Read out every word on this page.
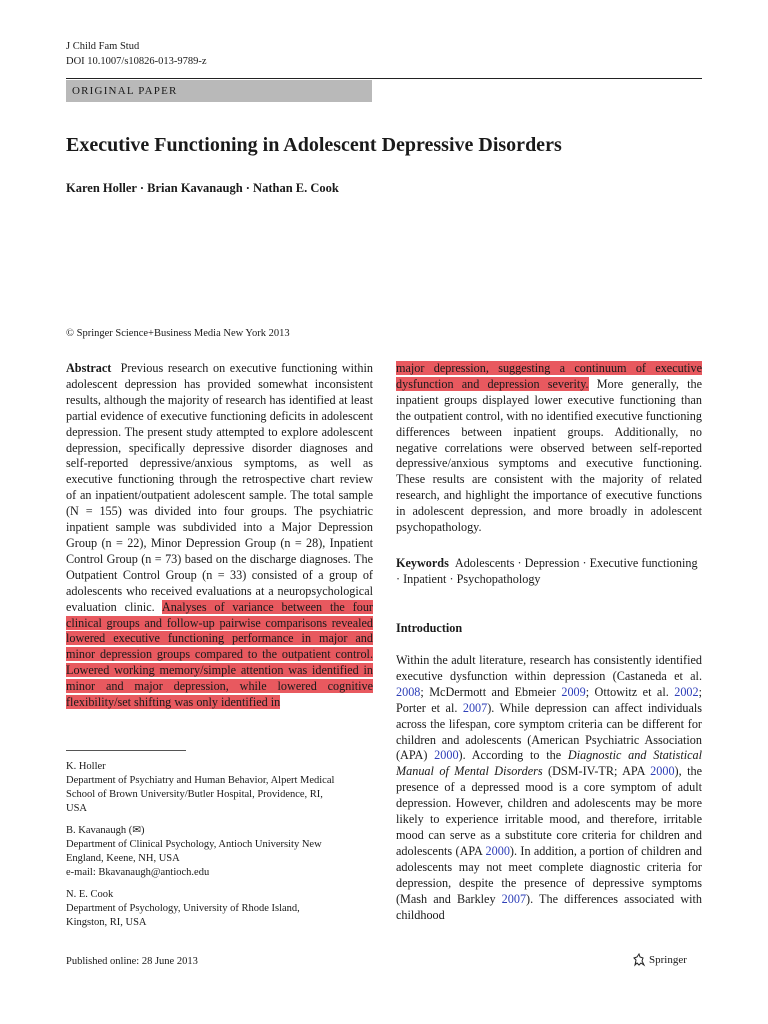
J Child Fam Stud
DOI 10.1007/s10826-013-9789-z
ORIGINAL PAPER
Executive Functioning in Adolescent Depressive Disorders
Karen Holler · Brian Kavanaugh · Nathan E. Cook
© Springer Science+Business Media New York 2013

Abstract Previous research on executive functioning within adolescent depression has provided somewhat inconsistent results, although the majority of research has identified at least partial evidence of executive functioning deficits in adolescent depression. The present study attempted to explore adolescent depression, specifically depressive disorder diagnoses and self-reported depressive/anxious symptoms, as well as executive functioning through the retrospective chart review of an inpatient/outpatient adolescent sample. The total sample (N = 155) was divided into four groups. The psychiatric inpatient sample was subdivided into a Major Depression Group (n = 22), Minor Depression Group (n = 28), Inpatient Control Group (n = 73) based on the discharge diagnoses. The Outpatient Control Group (n = 33) consisted of a group of adolescents who received evaluations at a neuropsychological evaluation clinic. Analyses of variance between the four clinical groups and follow-up pairwise comparisons revealed lowered executive functioning performance in major and minor depression groups compared to the outpatient control. Lowered working memory/simple attention was identified in minor and major depression, while lowered cognitive flexibility/set shifting was only identified in

major depression, suggesting a continuum of executive dysfunction and depression severity. More generally, the inpatient groups displayed lower executive functioning than the outpatient control, with no identified executive functioning differences between inpatient groups. Additionally, no negative correlations were observed between self-reported depressive/anxious symptoms and executive functioning. These results are consistent with the majority of related research, and highlight the importance of executive functions in adolescent depression, and more broadly in adolescent psychopathology.

Keywords Adolescents · Depression · Executive functioning · Inpatient · Psychopathology

Introduction

Within the adult literature, research has consistently identified executive dysfunction within depression (Castaneda et al. 2008; McDermott and Ebmeier 2009; Ottowitz et al. 2002; Porter et al. 2007). While depression can affect individuals across the lifespan, core symptom criteria can be different for children and adolescents (American Psychiatric Association (APA) 2000). According to the Diagnostic and Statistical Manual of Mental Disorders (DSM-IV-TR; APA 2000), the presence of a depressed mood is a core symptom of adult depression. However, children and adolescents may be more likely to experience irritable mood, and therefore, irritable mood can serve as a substitute core criteria for children and adolescents (APA 2000). In addition, a portion of children and adolescents may not meet complete diagnostic criteria for depression, despite the presence of depressive symptoms (Mash and Barkley 2007). The differences associated with childhood

K. Holler
Department of Psychiatry and Human Behavior, Alpert Medical
School of Brown University/Butler Hospital, Providence, RI,
USA
B. Kavanaugh (✉)
Department of Clinical Psychology, Antioch University New
England, Keene, NH, USA
e-mail: Bkavanaugh@antioch.edu
N. E. Cook
Department of Psychology, University of Rhode Island,
Kingston, RI, USA
Published online: 28 June 2013	Springer
